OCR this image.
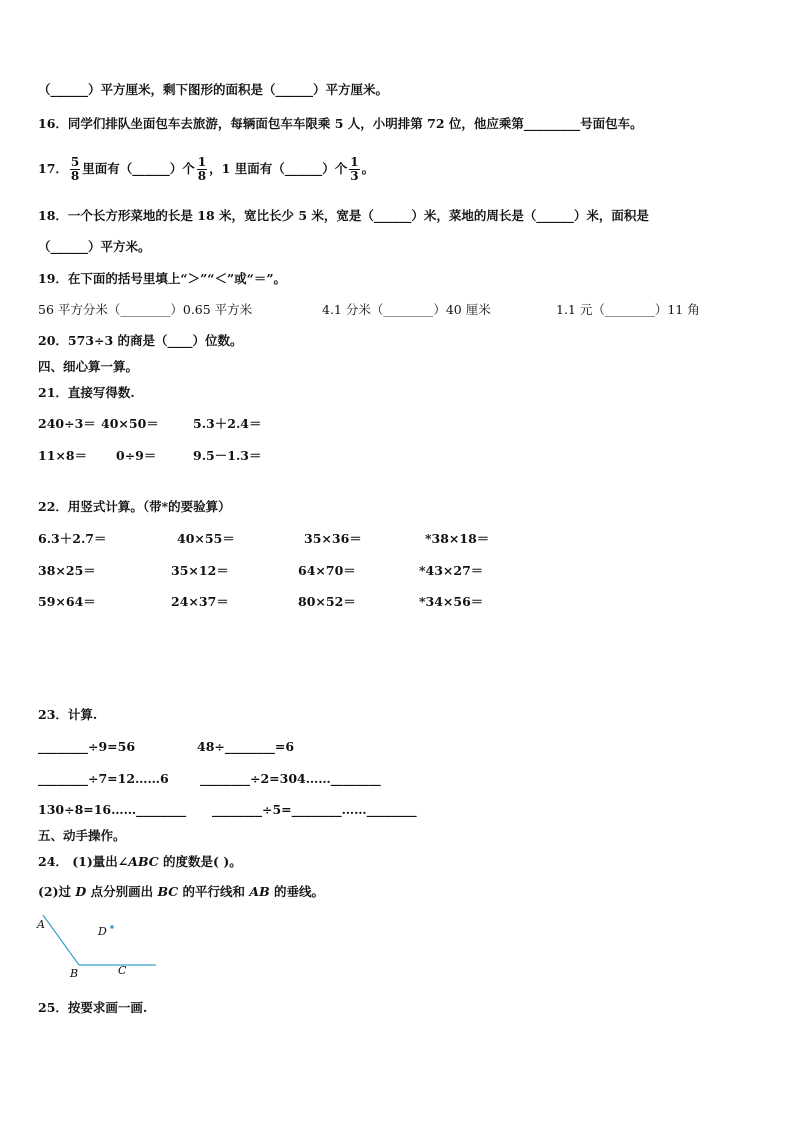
（______）平方厘米，剩下图形的面积是（______）平方厘米。
16．同学们排队坐面包车去旅游，每辆面包车车限乘 5 人，小明排第 72 位，他应乘第_________号面包车。
17． $\frac{5}{8}$ 里面有（______）个 $\frac{1}{8}$ ，1 里面有（______）个 $\frac{1}{3}$ 。
18．一个长方形菜地的长是 18 米，宽比长少 5 米，宽是（______）米，菜地的周长是（______）米，面积是
（______）平方米。
19．在下面的括号里填上“＞”“＜”或“＝”。
56 平方分米（________）0.65 平方米	4.1 分米（________）40 厘米	1.1 元（________）11 角
20．573÷3 的商是（____）位数。
四、细心算一算。
21．直接写得数.
240÷3＝ 40×50＝	5.3＋2.4＝
11×8＝ 0÷9＝	9.5－1.3＝
22．用竖式计算。（带*的要验算）
6.3＋2.7＝	40×55＝	35×36＝	*38×18＝
38×25＝	35×12＝	64×70＝	*43×27＝
59×64＝	24×37＝	80×52＝	*34×56＝
23．计算.
________÷9=56	48÷________=6
________÷7=12……6	________÷2=304……________
130÷8=16……________ ________÷5=________……________
五、动手操作。
24． (1)量出∠ABC 的度数是( )。
(2)过 D 点分别画出 BC 的平行线和 AB 的垂线。
A
B	C
D
25．按要求画一画.
